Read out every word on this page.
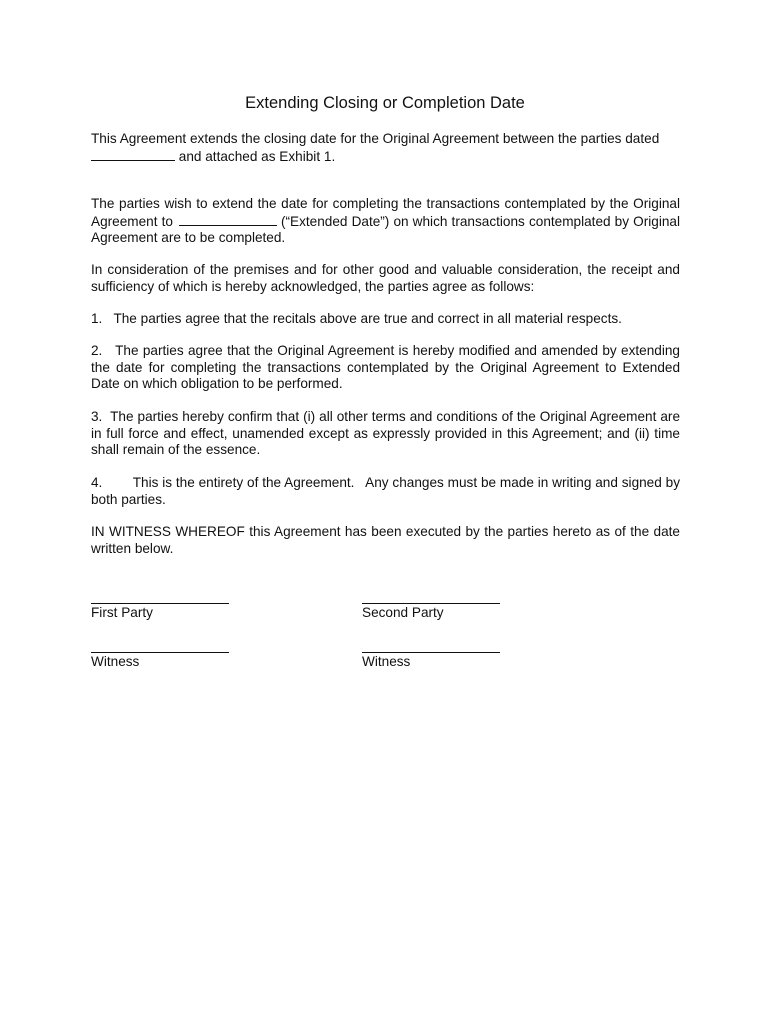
Extending Closing or Completion Date

This Agreement extends the closing date for the Original Agreement between the parties dated
and attached as Exhibit 1.

The parties wish to extend the date for completing the transactions contemplated by the Original Agreement to	(“Extended Date”) on which transactions contemplated by Original Agreement are to be completed.

In consideration of the premises and for other good and valuable consideration, the receipt and sufficiency of which is hereby acknowledged, the parties agree as follows:

1. The parties agree that the recitals above are true and correct in all material respects.

2. The parties agree that the Original Agreement is hereby modified and amended by extending the date for completing the transactions contemplated by the Original Agreement to Extended Date on which obligation to be performed.

3. The parties hereby confirm that (i) all other terms and conditions of the Original Agreement are in full force and effect, unamended except as expressly provided in this Agreement; and (ii) time shall remain of the essence.

4. This is the entirety of the Agreement.   Any changes must be made in writing and signed by both parties.

IN WITNESS WHEREOF this Agreement has been executed by the parties hereto as of the date written below.

First Party	Second Party

Witness	Witness
